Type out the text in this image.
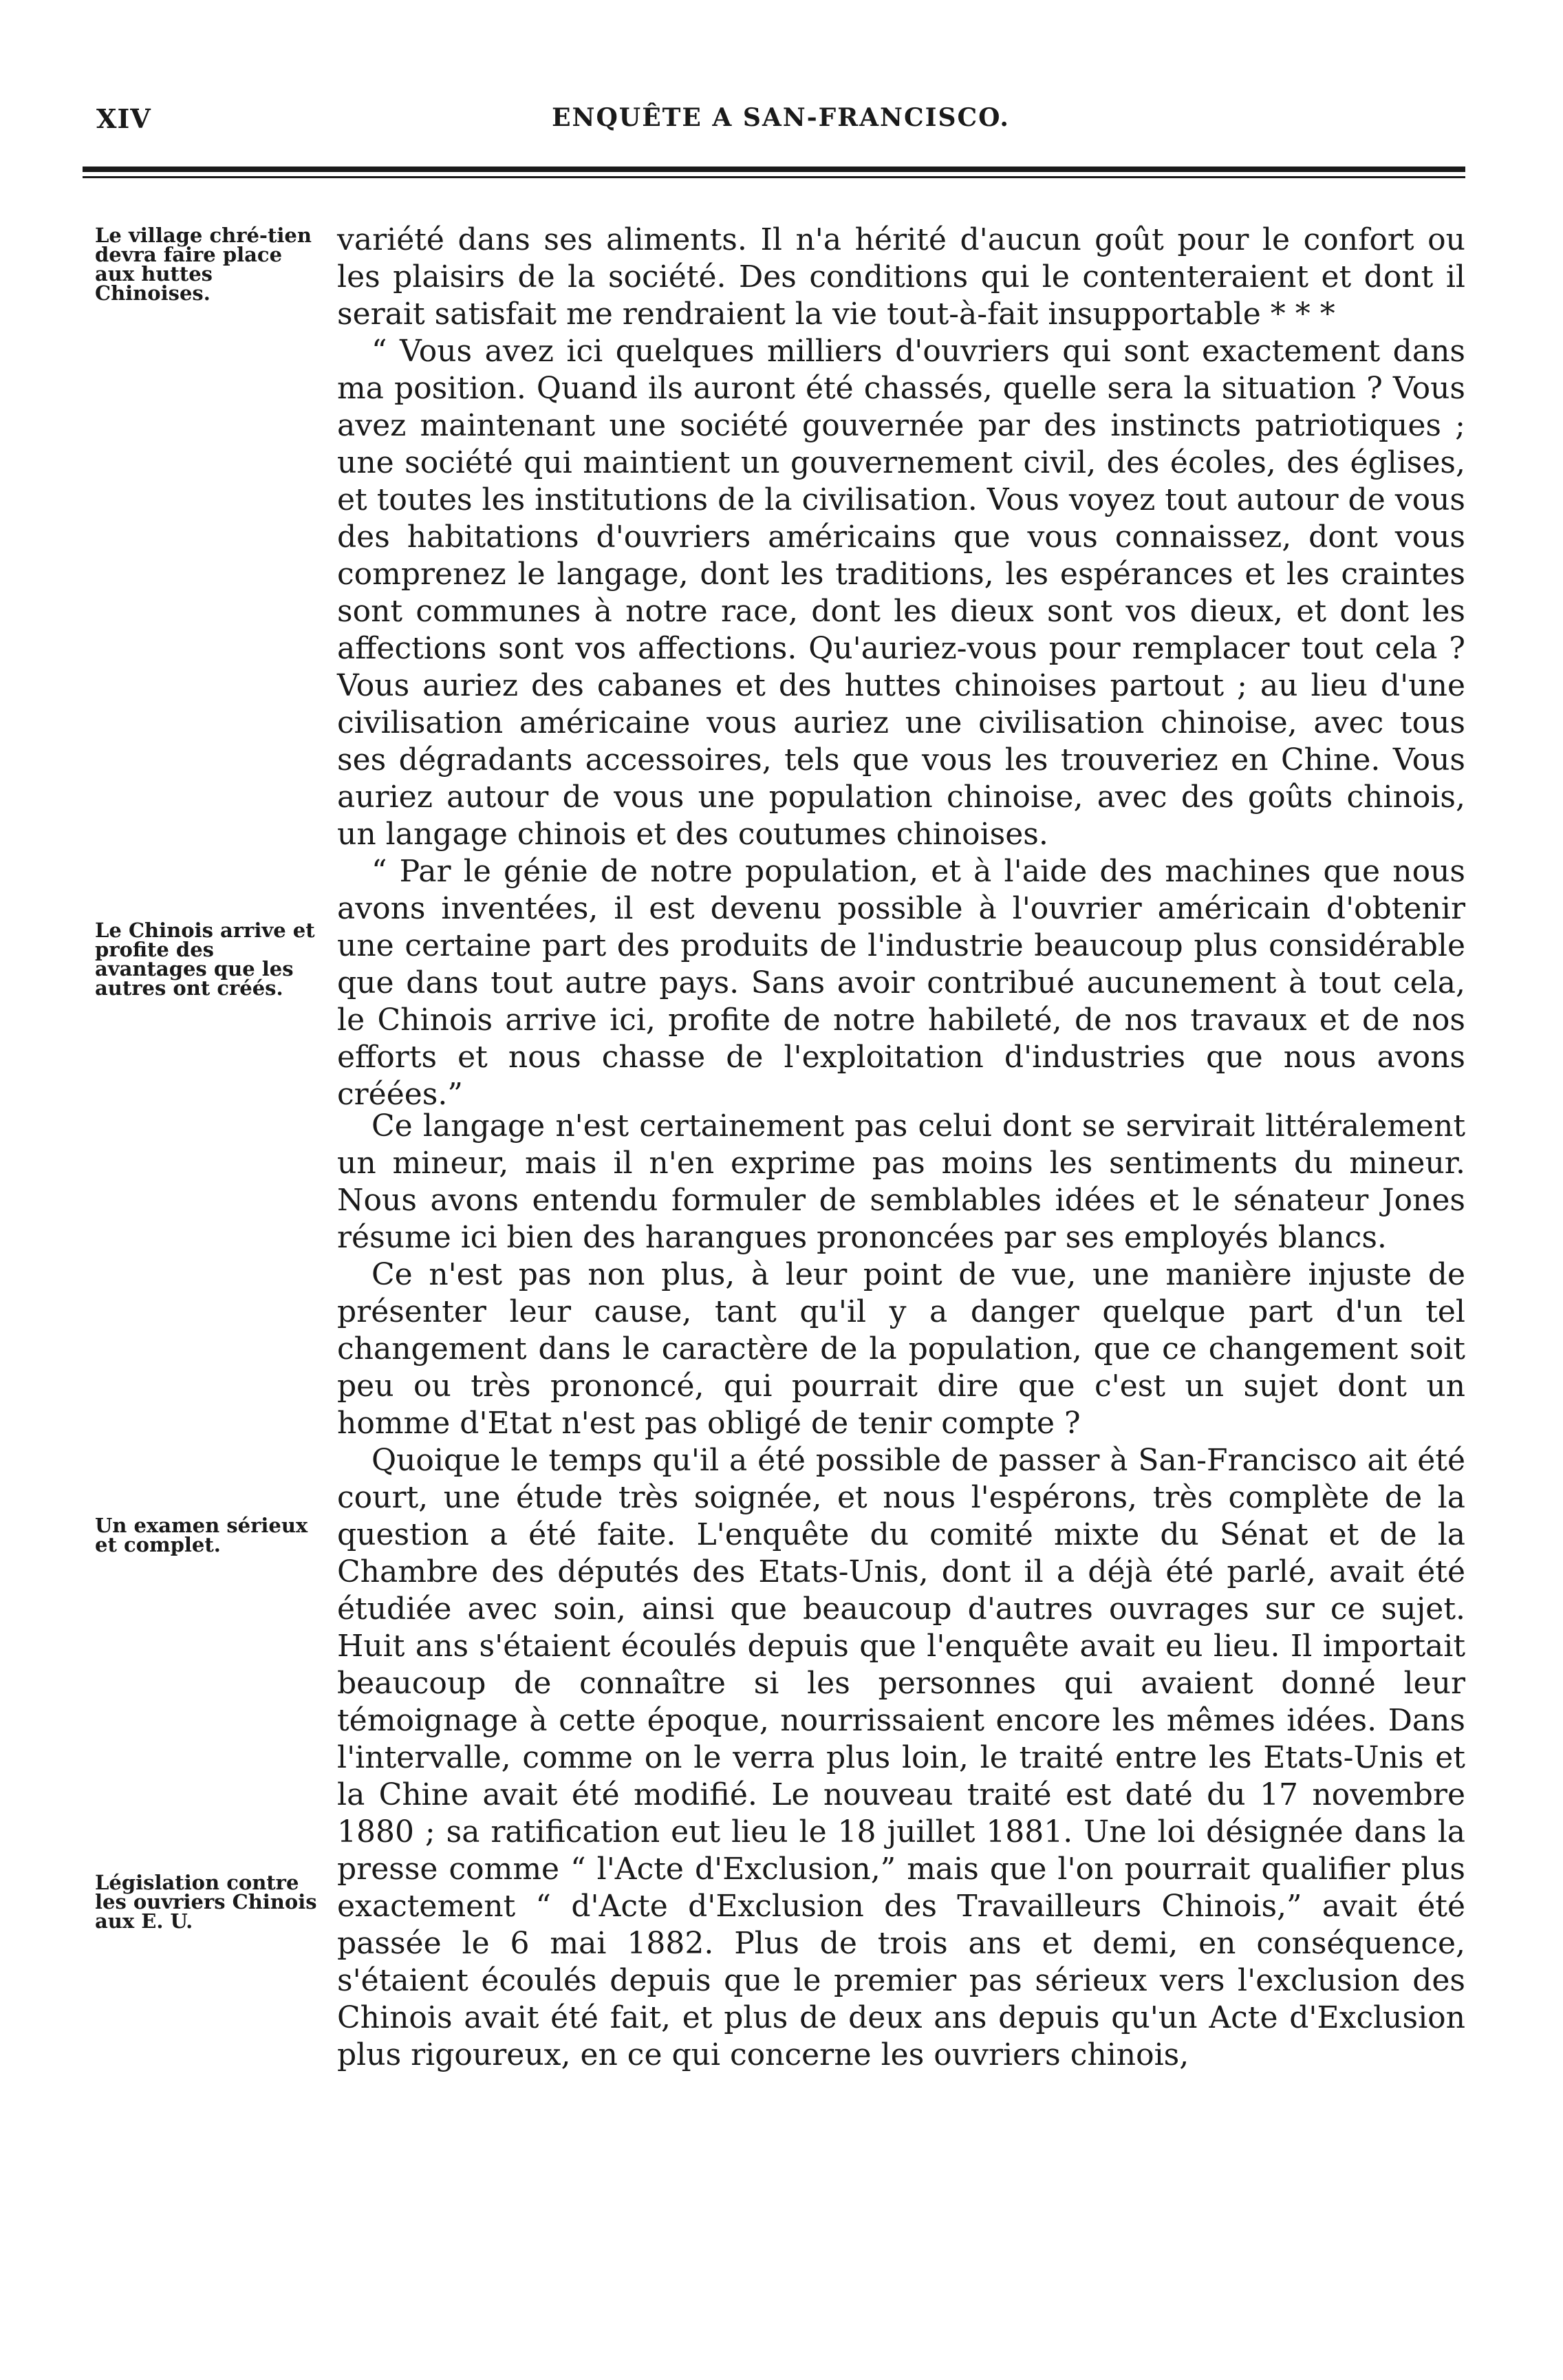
XIV	ENQUÊTE A SAN-FRANCISCO.
Le village chré-tien devra faire place aux huttes Chinoises.
Le Chinois arrive et profite des avantages que les autres ont créés.
Un examen sérieux et complet.
Législation contre les ouvriers Chinois aux E. U.

variété dans ses aliments. Il n'a hérité d'aucun goût pour le confort ou les plaisirs de la société. Des conditions qui le contenteraient et dont il serait satisfait me rendraient la vie tout-à-fait insupportable * * *

“ Vous avez ici quelques milliers d'ouvriers qui sont exactement dans ma position. Quand ils auront été chassés, quelle sera la situation ? Vous avez maintenant une société gouvernée par des instincts patriotiques ; une société qui maintient un gouvernement civil, des écoles, des églises, et toutes les institutions de la civilisation. Vous voyez tout autour de vous des habitations d'ouvriers américains que vous connaissez, dont vous comprenez le langage, dont les traditions, les espérances et les craintes sont communes à notre race, dont les dieux sont vos dieux, et dont les affections sont vos affections. Qu'auriez-vous pour remplacer tout cela ? Vous auriez des cabanes et des huttes chinoises partout ; au lieu d'une civilisation américaine vous auriez une civilisation chinoise, avec tous ses dégradants accessoires, tels que vous les trouveriez en Chine. Vous auriez autour de vous une population chinoise, avec des goûts chinois, un langage chinois et des coutumes chinoises.

“ Par le génie de notre population, et à l'aide des machines que nous avons inventées, il est devenu possible à l'ouvrier américain d'obtenir une certaine part des produits de l'industrie beaucoup plus considérable que dans tout autre pays. Sans avoir contribué aucunement à tout cela, le Chinois arrive ici, profite de notre habileté, de nos travaux et de nos efforts et nous chasse de l'exploitation d'industries que nous avons créées.”

Ce langage n'est certainement pas celui dont se servirait littéralement un mineur, mais il n'en exprime pas moins les sentiments du mineur. Nous avons entendu formuler de semblables idées et le sénateur Jones résume ici bien des harangues prononcées par ses employés blancs.

Ce n'est pas non plus, à leur point de vue, une manière injuste de présenter leur cause, tant qu'il y a danger quelque part d'un tel changement dans le caractère de la population, que ce changement soit peu ou très prononcé, qui pourrait dire que c'est un sujet dont un homme d'Etat n'est pas obligé de tenir compte ?

Quoique le temps qu'il a été possible de passer à San-Francisco ait été court, une étude très soignée, et nous l'espérons, très complète de la question a été faite. L'enquête du comité mixte du Sénat et de la Chambre des députés des Etats-Unis, dont il a déjà été parlé, avait été étudiée avec soin, ainsi que beaucoup d'autres ouvrages sur ce sujet. Huit ans s'étaient écoulés depuis que l'enquête avait eu lieu. Il importait beaucoup de connaître si les personnes qui avaient donné leur témoignage à cette époque, nourrissaient encore les mêmes idées. Dans l'intervalle, comme on le verra plus loin, le traité entre les Etats-Unis et la Chine avait été modifié. Le nouveau traité est daté du 17 novembre 1880 ; sa ratification eut lieu le 18 juillet 1881. Une loi désignée dans la presse comme “ l'Acte d'Exclusion,” mais que l'on pourrait qualifier plus exactement “ d'Acte d'Exclusion des Travailleurs Chinois,” avait été passée le 6 mai 1882. Plus de trois ans et demi, en conséquence, s'étaient écoulés depuis que le premier pas sérieux vers l'exclusion des Chinois avait été fait, et plus de deux ans depuis qu'un Acte d'Exclusion plus rigoureux, en ce qui concerne les ouvriers chinois,
